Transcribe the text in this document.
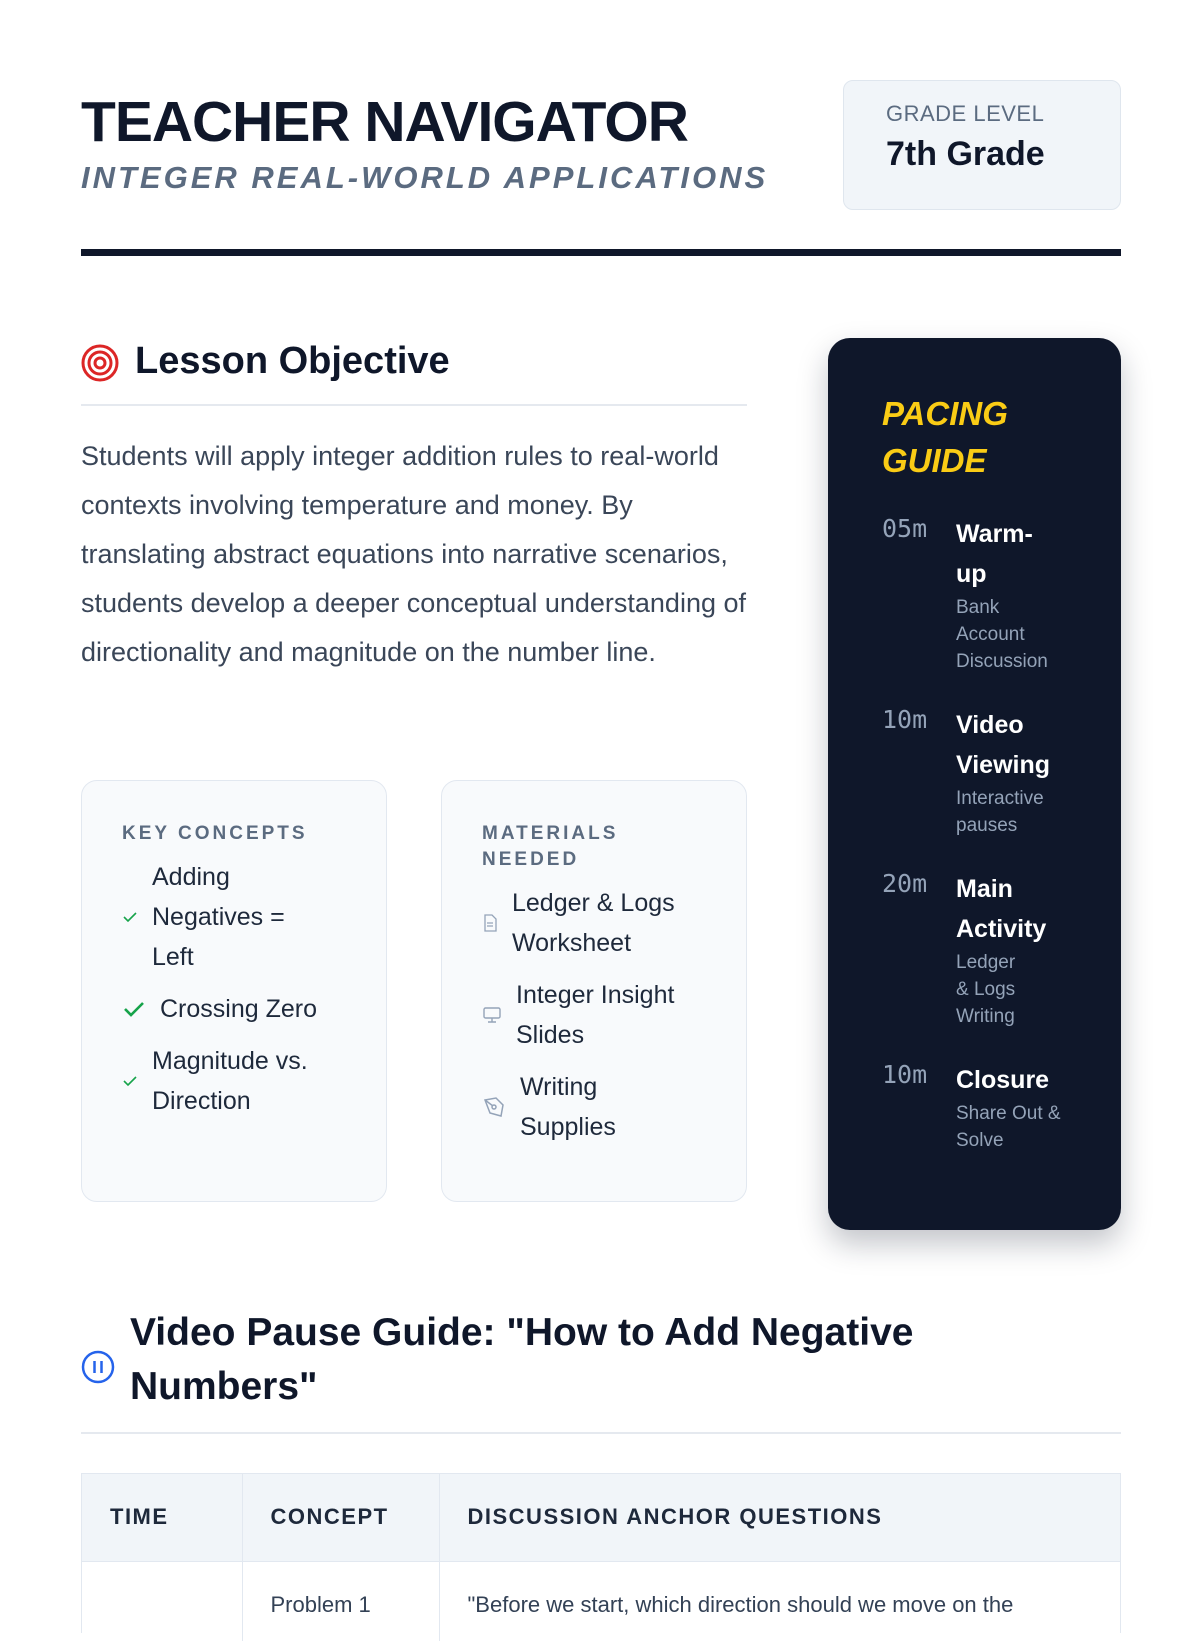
TEACHER NAVIGATOR
INTEGER REAL-WORLD APPLICATIONS
GRADE LEVEL
7th Grade
Lesson Objective

Students will apply integer addition rules to real-world contexts involving temperature and money. By translating abstract equations into narrative scenarios, students develop a deeper conceptual understanding of directionality and magnitude on the number line.

KEY CONCEPTS
Adding Negatives = Left
Crossing Zero
Magnitude vs. Direction
MATERIALS NEEDED
Ledger & Logs Worksheet
Integer Insight Slides
Writing Supplies
PACING GUIDE
05m Warm-up
Bank Account Discussion
10m Video Viewing
Interactive pauses
20m Main Activity
Ledger & Logs Writing
10m Closure
Share Out & Solve
Video Pause Guide: "How to Add Negative Numbers"
TIME	CONCEPT	DISCUSSION ANCHOR QUESTIONS
	Problem 1	"Before we start, which direction should we move on the
